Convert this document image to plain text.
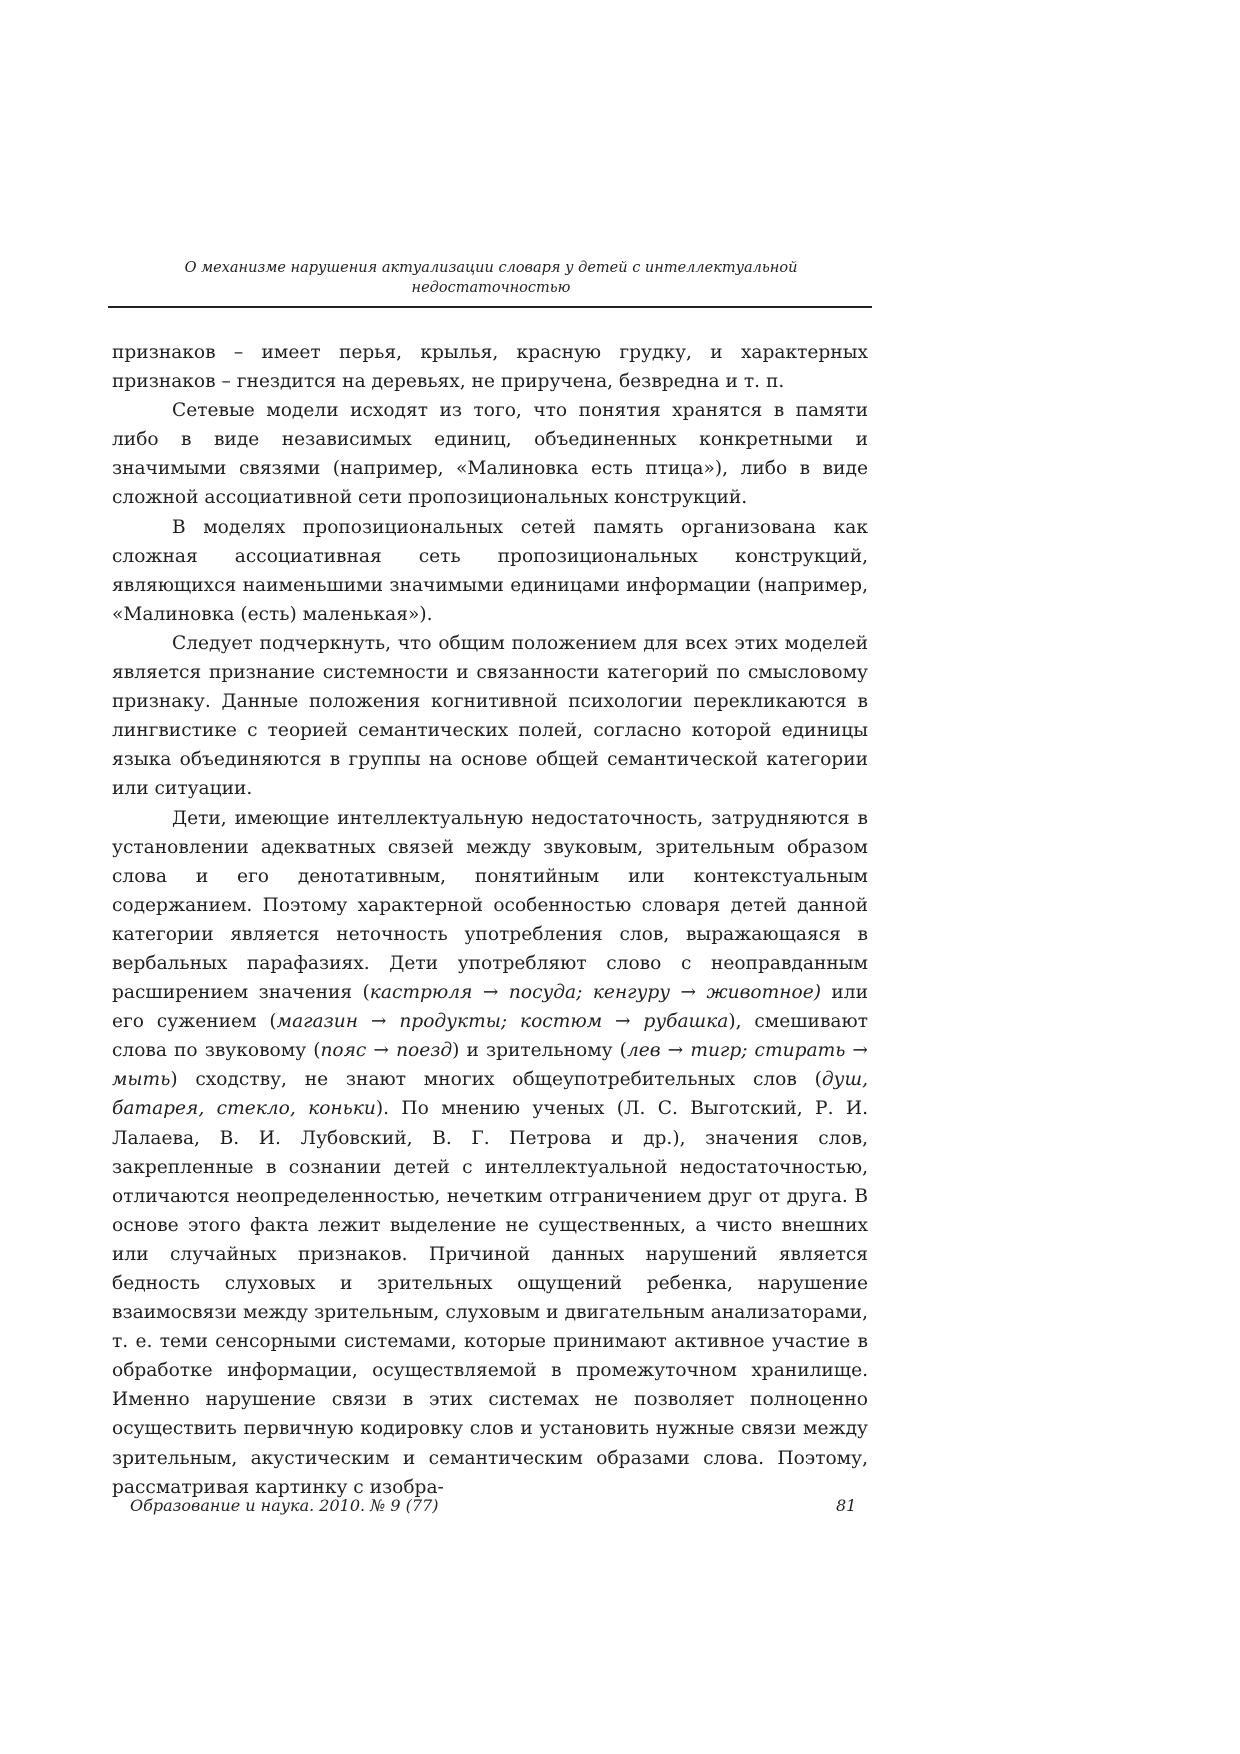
О механизме нарушения актуализации словаря у детей с интеллектуальной недостаточностью

признаков – имеет перья, крылья, красную грудку, и характерных признаков – гнездится на деревьях, не приручена, безвредна и т. п.

Сетевые модели исходят из того, что понятия хранятся в памяти либо в виде независимых единиц, объединенных конкретными и значимыми связями (например, «Малиновка есть птица»), либо в виде сложной ассоциативной сети пропозициональных конструкций.

В моделях пропозициональных сетей память организована как сложная ассоциативная сеть пропозициональных конструкций, являющихся наименьшими значимыми единицами информации (например, «Малиновка (есть) маленькая»).

Следует подчеркнуть, что общим положением для всех этих моделей является признание системности и связанности категорий по смысловому признаку. Данные положения когнитивной психологии перекликаются в лингвистике с теорией семантических полей, согласно которой единицы языка объединяются в группы на основе общей семантической категории или ситуации.

Дети, имеющие интеллектуальную недостаточность, затрудняются в установлении адекватных связей между звуковым, зрительным образом слова и его денотативным, понятийным или контекстуальным содержанием. Поэтому характерной особенностью словаря детей данной категории является неточность употребления слов, выражающаяся в вербальных парафазиях. Дети употребляют слово с неоправданным расширением значения (кастрюля → посуда; кенгуру → животное) или его сужением (магазин → продукты; костюм → рубашка), смешивают слова по звуковому (пояс → поезд) и зрительному (лев → тигр; стирать → мыть) сходству, не знают многих общеупотребительных слов (душ, батарея, стекло, коньки). По мнению ученых (Л. С. Выготский, Р. И. Лалаева, В. И. Лубовский, В. Г. Петрова и др.), значения слов, закрепленные в сознании детей с интеллектуальной недостаточностью, отличаются неопределенностью, нечетким отграничением друг от друга. В основе этого факта лежит выделение не существенных, а чисто внешних или случайных признаков. Причиной данных нарушений является бедность слуховых и зрительных ощущений ребенка, нарушение взаимосвязи между зрительным, слуховым и двигательным анализаторами, т. е. теми сенсорными системами, которые принимают активное участие в обработке информации, осуществляемой в промежуточном хранилище. Именно нарушение связи в этих системах не позволяет полноценно осуществить первичную кодировку слов и установить нужные связи между зрительным, акустическим и семантическим образами слова. Поэтому, рассматривая картинку с изобра-

Образование и наука. 2010. № 9 (77)	81
